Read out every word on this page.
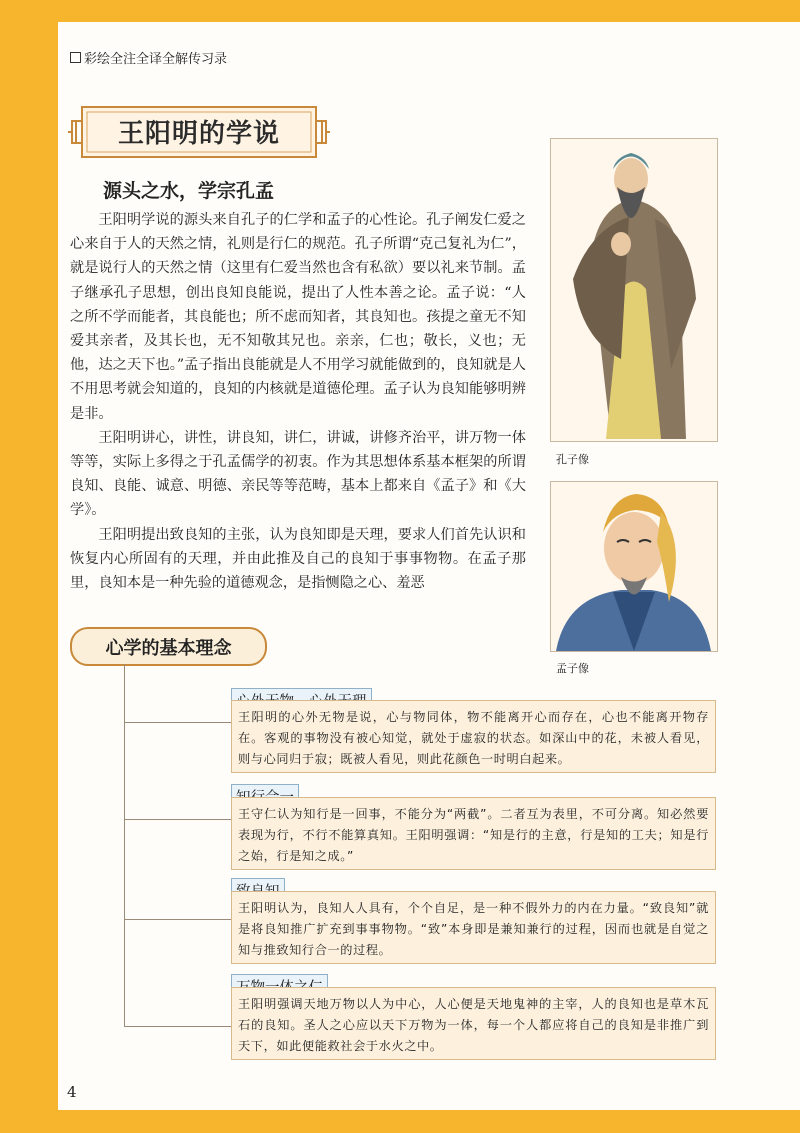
彩绘全注全译全解传习录
王阳明的学说
源头之水，学宗孔孟

王阳明学说的源头来自孔子的仁学和孟子的心性论。孔子阐发仁爱之心来自于人的天然之情，礼则是行仁的规范。孔子所谓“克己复礼为仁”，就是说行人的天然之情（这里有仁爱当然也含有私欲）要以礼来节制。孟子继承孔子思想，创出良知良能说，提出了人性本善之论。孟子说：“人之所不学而能者，其良能也；所不虑而知者，其良知也。孩提之童无不知爱其亲者，及其长也，无不知敬其兄也。亲亲，仁也；敬长，义也；无他，达之天下也。”孟子指出良能就是人不用学习就能做到的，良知就是人不用思考就会知道的，良知的内核就是道德伦理。孟子认为良知能够明辨是非。

王阳明讲心，讲性，讲良知，讲仁，讲诚，讲修齐治平，讲万物一体等等，实际上多得之于孔孟儒学的初衷。作为其思想体系基本框架的所谓良知、良能、诚意、明德、亲民等等范畴，基本上都来自《孟子》和《大学》。

王阳明提出致良知的主张，认为良知即是天理，要求人们首先认识和恢复内心所固有的天理，并由此推及自己的良知于事事物物。在孟子那里，良知本是一种先验的道德观念，是指恻隐之心、羞恶

孔子像
孟子像
心学的基本理念
王阳明的心外无物是说，心与物同体，物不能离开心而存在，心也不能离开物存在。客观的事物没有被心知觉，就处于虚寂的状态。如深山中的花，未被人看见，则与心同归于寂；既被人看见，则此花颜色一时明白起来。
王守仁认为知行是一回事，不能分为“两截”。二者互为表里，不可分离。知必然要表现为行，不行不能算真知。王阳明强调：“知是行的主意，行是知的工夫；知是行之始，行是知之成。”
王阳明认为，良知人人具有，个个自足，是一种不假外力的内在力量。“致良知”就是将良知推广扩充到事事物物。“致”本身即是兼知兼行的过程，因而也就是自觉之知与推致知行合一的过程。
王阳明强调天地万物以人为中心，人心便是天地鬼神的主宰，人的良知也是草木瓦石的良知。圣人之心应以天下万物为一体，每一个人都应将自己的良知是非推广到天下，如此便能救社会于水火之中。
4
